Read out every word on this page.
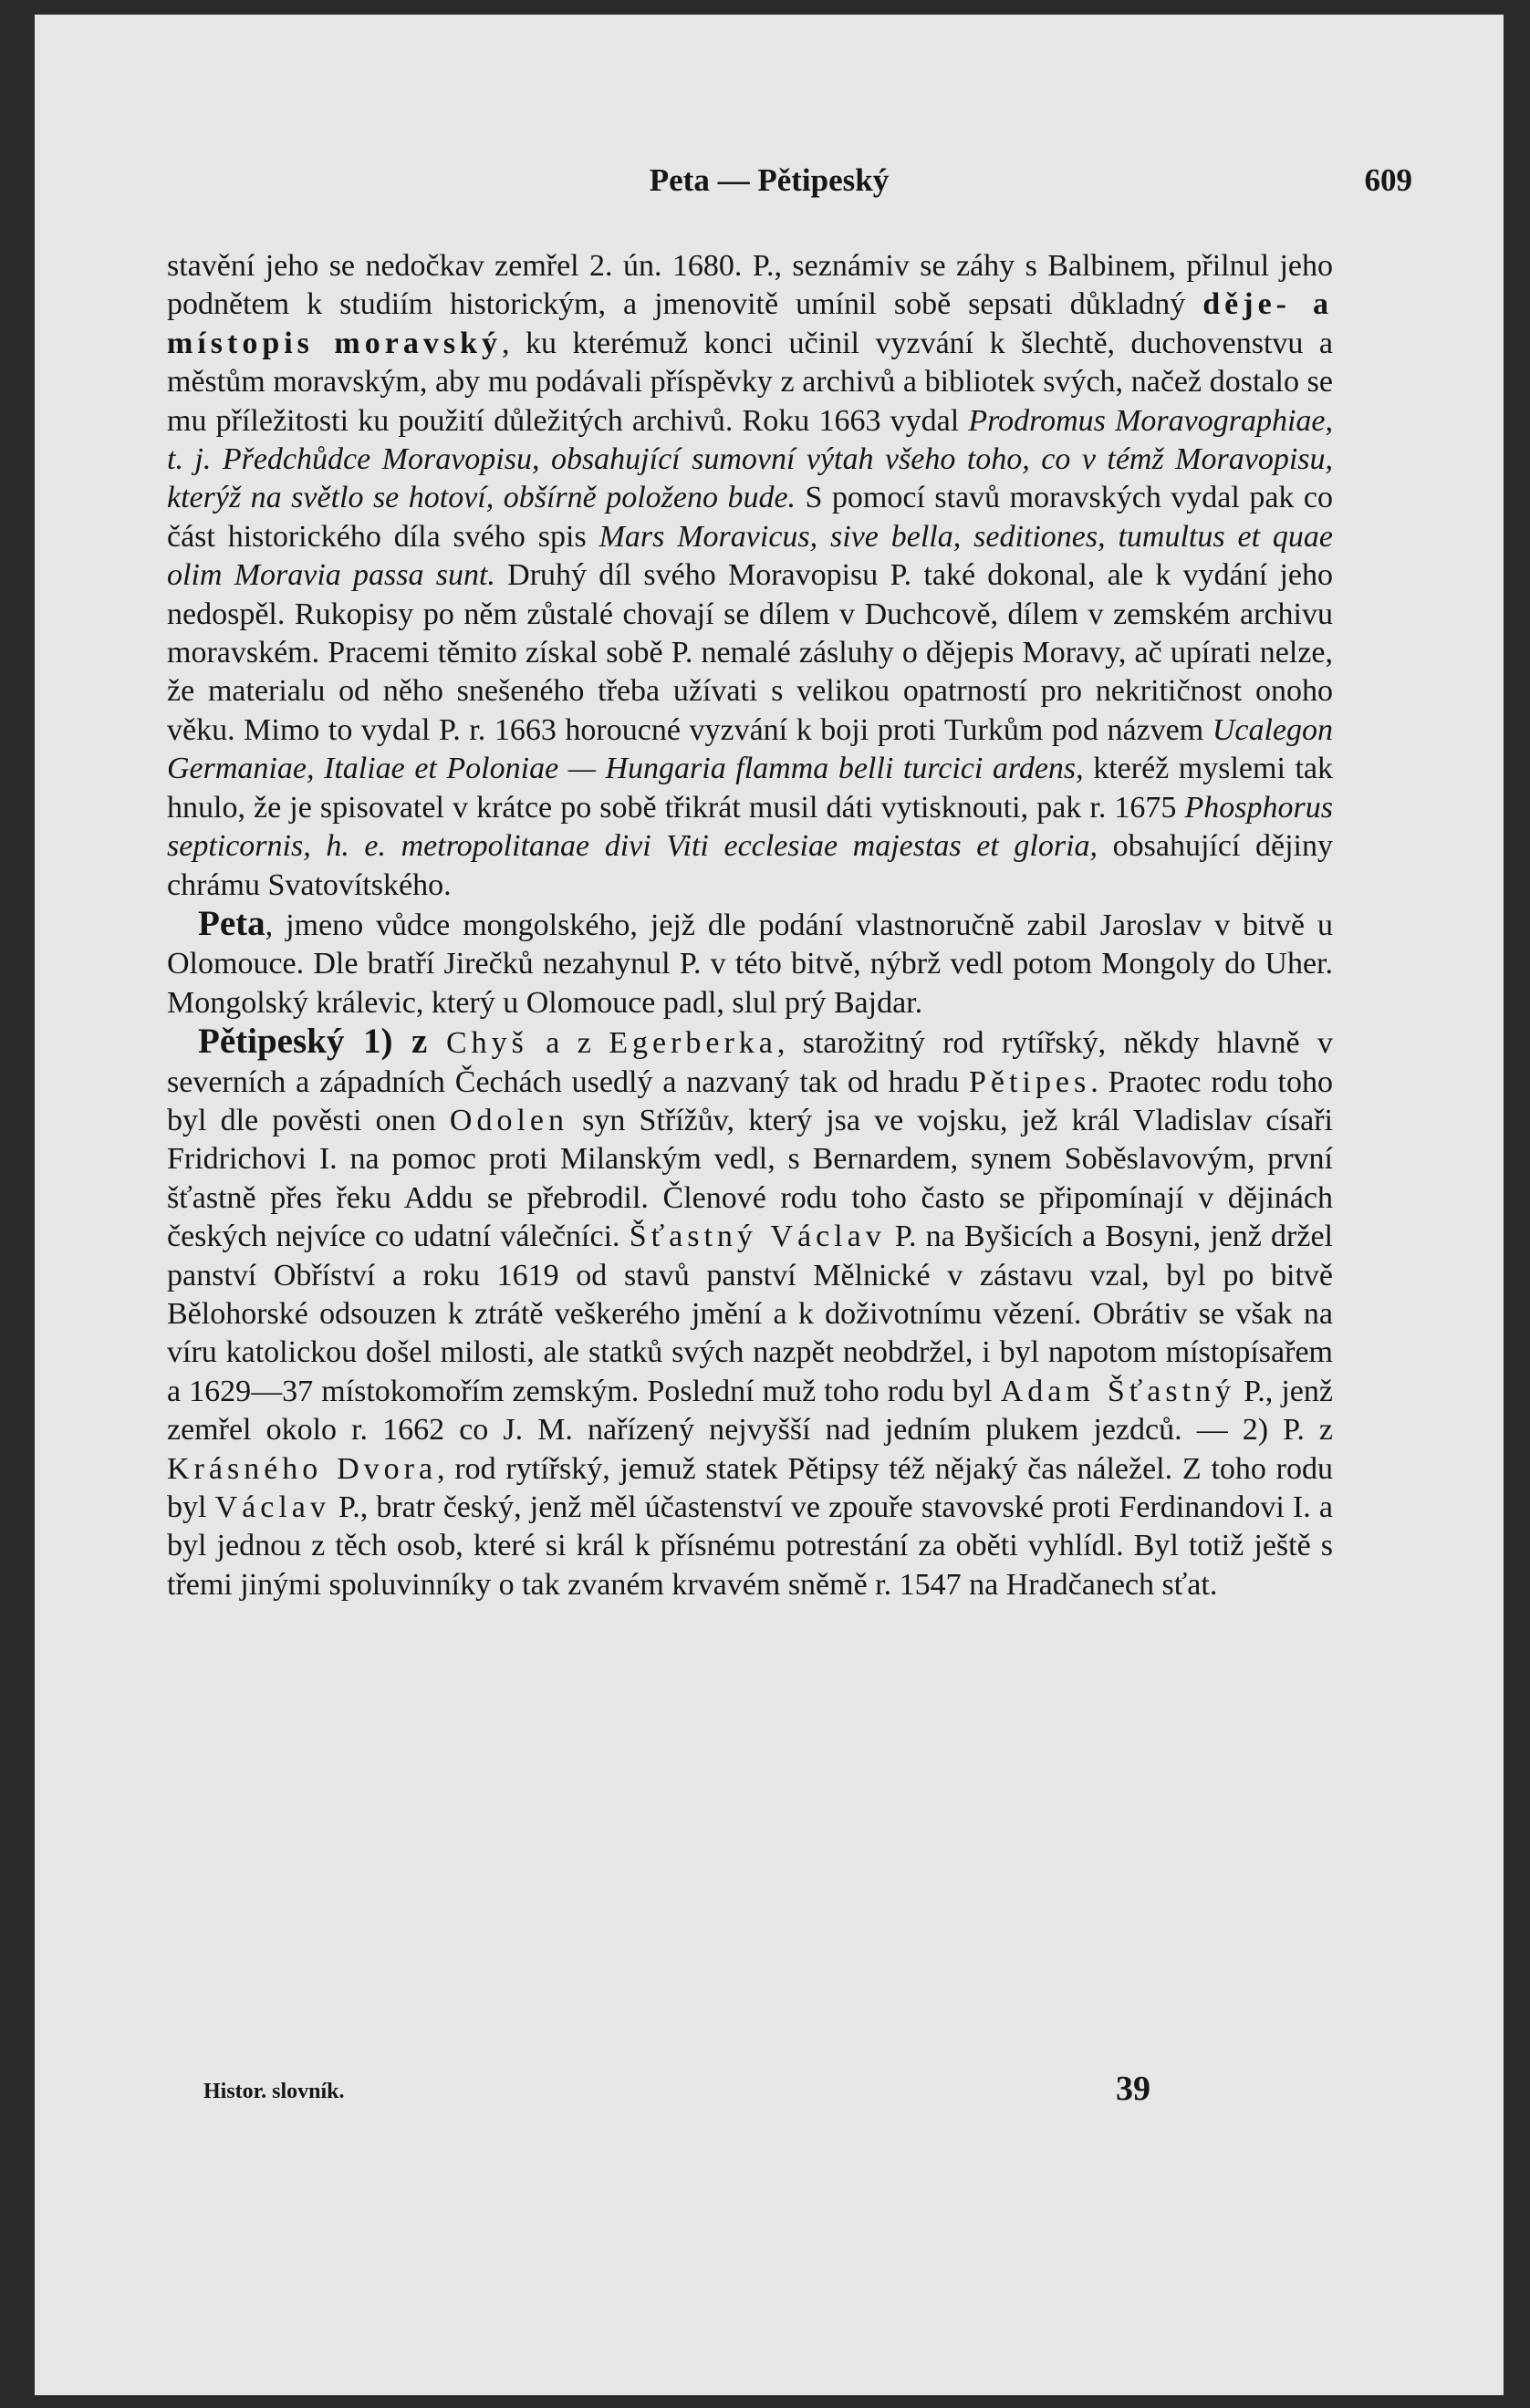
Peta — Pětipeský	609

stavění jeho se nedočkav zemřel 2. ún. 1680. P., seznámiv se záhy s Balbinem, přilnul jeho podnětem k studiím historickým, a jmenovitě umínil sobě sepsati důkladný děje- a místopis moravský, ku kterémuž konci učinil vyzvání k šlechtě, duchovenstvu a městům moravským, aby mu podávali příspěvky z archivů a bibliotek svých, načež dostalo se mu příležitosti ku použití důležitých archivů. Roku 1663 vydal Prodromus Moravographiae, t. j. Předchůdce Moravopisu, obsahující sumovní výtah všeho toho, co v témž Moravopisu, kterýž na světlo se hotoví, obšírně položeno bude. S pomocí stavů moravských vydal pak co část historického díla svého spis Mars Moravicus, sive bella, seditiones, tumultus et quae olim Moravia passa sunt. Druhý díl svého Moravopisu P. také dokonal, ale k vydání jeho nedospěl. Rukopisy po něm zůstalé chovají se dílem v Duchcově, dílem v zemském archivu moravském. Pracemi těmito získal sobě P. nemalé zásluhy o dějepis Moravy, ač upírati nelze, že materialu od něho snešeného třeba užívati s velikou opatrností pro nekritičnost onoho věku. Mimo to vydal P. r. 1663 horoucné vyzvání k boji proti Turkům pod názvem Ucalegon Germaniae, Italiae et Poloniae — Hungaria flamma belli turcici ardens, kteréž myslemi tak hnulo, že je spisovatel v krátce po sobě třikrát musil dáti vytisknouti, pak r. 1675 Phosphorus septicornis, h. e. metropolitanae divi Viti ecclesiae majestas et gloria, obsahující dějiny chrámu Svatovítského.

Peta, jmeno vůdce mongolského, jejž dle podání vlastnoručně zabil Jaroslav v bitvě u Olomouce. Dle bratří Jirečků nezahynul P. v této bitvě, nýbrž vedl potom Mongoly do Uher. Mongolský králevic, který u Olomouce padl, slul prý Bajdar.

Pětipeský 1) z Chyš a z Egerberka, starožitný rod rytířský, někdy hlavně v severních a západních Čechách usedlý a nazvaný tak od hradu Pětipes. Praotec rodu toho byl dle pověsti onen Odolen syn Střížův, který jsa ve vojsku, jež král Vladislav císaři Fridrichovi I. na pomoc proti Milanským vedl, s Bernardem, synem Soběslavovým, první šťastně přes řeku Addu se přebrodil. Členové rodu toho často se připomínají v dějinách českých nejvíce co udatní válečníci. Šťastný Václav P. na Byšicích a Bosyni, jenž držel panství Obříství a roku 1619 od stavů panství Mělnické v zástavu vzal, byl po bitvě Bělohorské odsouzen k ztrátě veškerého jmění a k doživotnímu vězení. Obrátiv se však na víru katolickou došel milosti, ale statků svých nazpět neobdržel, i byl napotom místopísařem a 1629—37 místokomořím zemským. Poslední muž toho rodu byl Adam Šťastný P., jenž zemřel okolo r. 1662 co J. M. nařízený nejvyšší nad jedním plukem jezdců. — 2) P. z Krásného Dvora, rod rytířský, jemuž statek Pětipsy též nějaký čas náležel. Z toho rodu byl Václav P., bratr český, jenž měl účastenství ve zpouře stavovské proti Ferdinandovi I. a byl jednou z těch osob, které si král k přísnému potrestání za oběti vyhlídl. Byl totiž ještě s třemi jinými spoluvinníky o tak zvaném krvavém sněmě r. 1547 na Hradčanech sťat.

Histor. slovník.	39
